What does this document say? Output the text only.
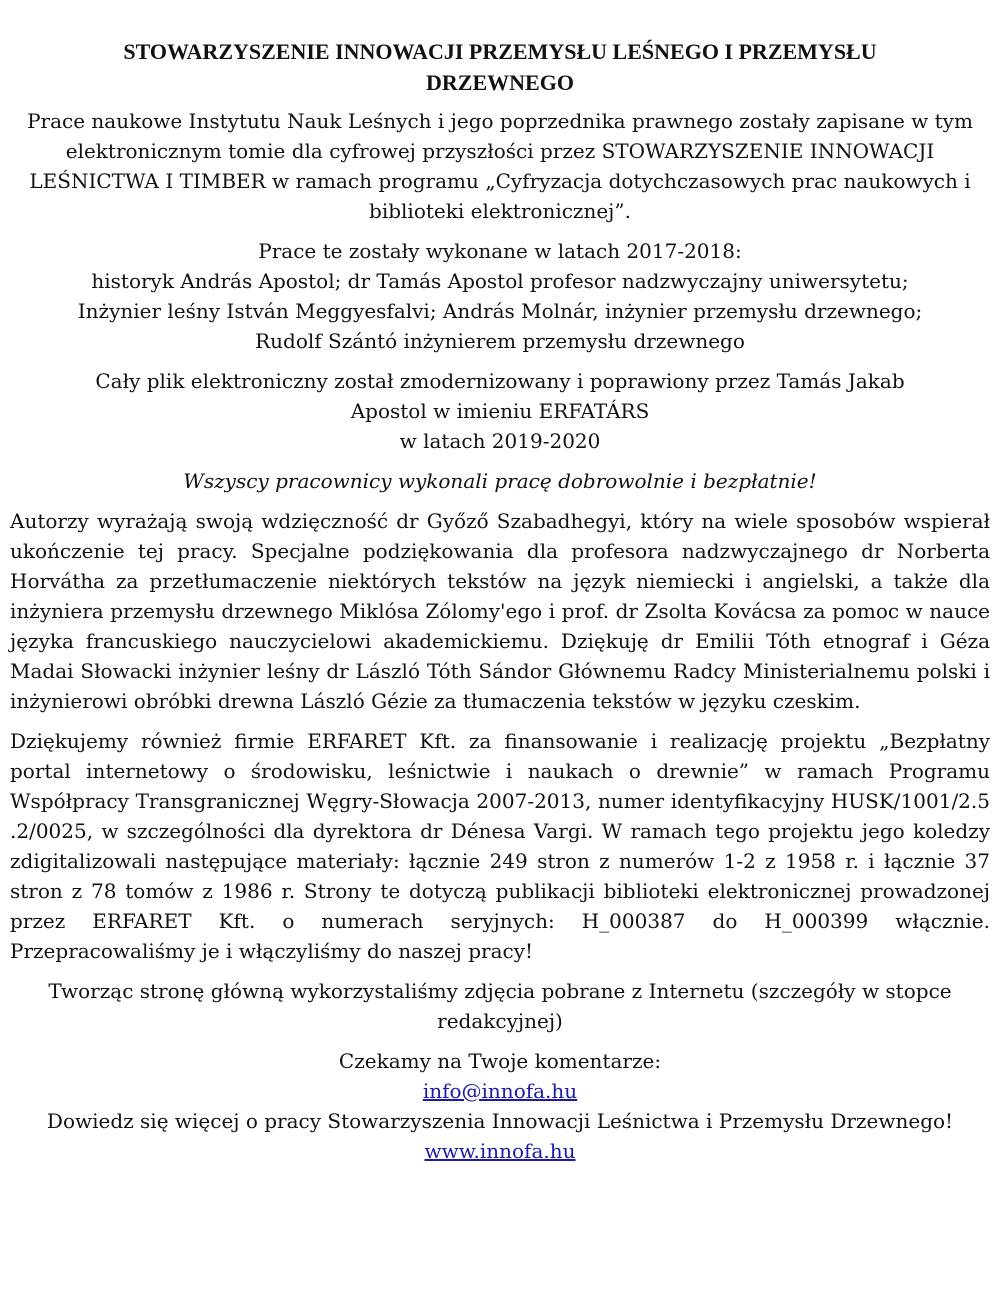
STOWARZYSZENIE INNOWACJI PRZEMYSŁU LEŚNEGO I PRZEMYSŁU DRZEWNEGO
Prace naukowe Instytutu Nauk Leśnych i jego poprzednika prawnego zostały zapisane w tym elektronicznym tomie dla cyfrowej przyszłości przez STOWARZYSZENIE INNOWACJI LEŚNICTWA I TIMBER w ramach programu „Cyfryzacja dotychczasowych prac naukowych i biblioteki elektronicznej”.
Prace te zostały wykonane w latach 2017-2018:
historyk András Apostol; dr Tamás Apostol profesor nadzwyczajny uniwersytetu;
Inżynier leśny István Meggyesfalvi; András Molnár, inżynier przemysłu drzewnego;
Rudolf Szántó inżynierem przemysłu drzewnego
Cały plik elektroniczny został zmodernizowany i poprawiony przez Tamás Jakab
Apostol w imieniu ERFATÁRS
w latach 2019-2020
Wszyscy pracownicy wykonali pracę dobrowolnie i bezpłatnie!
Autorzy wyrażają swoją wdzięczność dr Győző Szabadhegyi, który na wiele sposobów wspierał ukończenie tej pracy. Specjalne podziękowania dla profesora nadzwyczajnego dr Norberta Horvátha za przetłumaczenie niektórych tekstów na język niemiecki i angielski, a także dla inżyniera przemysłu drzewnego Miklósa Zólomy'ego i prof. dr Zsolta Kovácsa za pomoc w nauce języka francuskiego nauczycielowi akademickiemu. Dziękuję dr Emilii Tóth etnograf i Géza Madai Słowacki inżynier leśny dr László Tóth Sándor Głównemu Radcy Ministerialnemu polski i inżynierowi obróbki drewna László Gézie za tłumaczenia tekstów w języku czeskim.
Dziękujemy również firmie ERFARET Kft. za finansowanie i realizację projektu „Bezpłatny portal internetowy o środowisku, leśnictwie i naukach o drewnie” w ramach Programu Współpracy Transgranicznej Węgry-Słowacja 2007-2013, numer identyfikacyjny HUSK/1001/2.5 .2/0025, w szczególności dla dyrektora dr Dénesa Vargi. W ramach tego projektu jego koledzy zdigitalizowali następujące materiały: łącznie 249 stron z numerów 1-2 z 1958 r. i łącznie 37 stron z 78 tomów z 1986 r. Strony te dotyczą publikacji biblioteki elektronicznej prowadzonej przez ERFARET Kft. o numerach seryjnych: H_000387 do H_000399 włącznie. Przepracowaliśmy je i włączyliśmy do naszej pracy!
Tworząc stronę główną wykorzystaliśmy zdjęcia pobrane z Internetu (szczegóły w stopce redakcyjnej)
Czekamy na Twoje komentarze:
info@innofa.hu
Dowiedz się więcej o pracy Stowarzyszenia Innowacji Leśnictwa i Przemysłu Drzewnego!
www.innofa.hu
